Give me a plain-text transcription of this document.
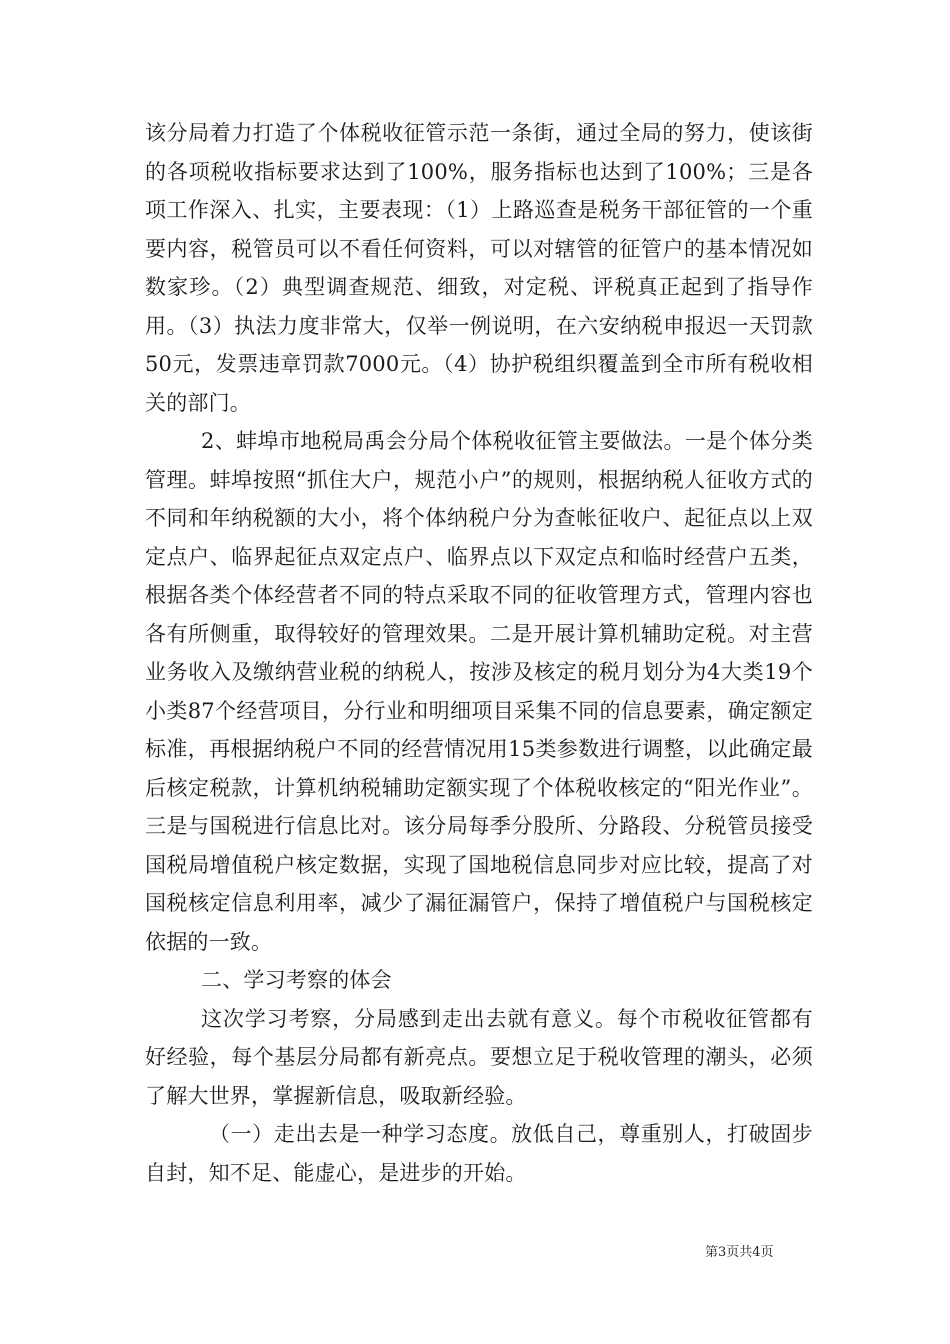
该分局着力打造了个体税收征管示范一条街，通过全局的努力，使该街的各项税收指标要求达到了100%，服务指标也达到了100%；三是各项工作深入、扎实，主要表现：（1）上路巡查是税务干部征管的一个重要内容，税管员可以不看任何资料，可以对辖管的征管户的基本情况如数家珍。（2）典型调查规范、细致，对定税、评税真正起到了指导作用。（3）执法力度非常大，仅举一例说明，在六安纳税申报迟一天罚款50元，发票违章罚款7000元。（4）协护税组织覆盖到全市所有税收相关的部门。

2、蚌埠市地税局禹会分局个体税收征管主要做法。一是个体分类管理。蚌埠按照“抓住大户，规范小户”的规则，根据纳税人征收方式的不同和年纳税额的大小，将个体纳税户分为查帐征收户、起征点以上双定点户、临界起征点双定点户、临界点以下双定点和临时经营户五类，根据各类个体经营者不同的特点采取不同的征收管理方式，管理内容也各有所侧重，取得较好的管理效果。二是开展计算机辅助定税。对主营业务收入及缴纳营业税的纳税人，按涉及核定的税月划分为4大类19个小类87个经营项目，分行业和明细项目采集不同的信息要素，确定额定标准，再根据纳税户不同的经营情况用15类参数进行调整，以此确定最后核定税款，计算机纳税辅助定额实现了个体税收核定的“阳光作业”。三是与国税进行信息比对。该分局每季分股所、分路段、分税管员接受国税局增值税户核定数据，实现了国地税信息同步对应比较，提高了对国税核定信息利用率，减少了漏征漏管户，保持了增值税户与国税核定依据的一致。

二、学习考察的体会

这次学习考察，分局感到走出去就有意义。每个市税收征管都有好经验，每个基层分局都有新亮点。要想立足于税收管理的潮头，必须了解大世界，掌握新信息，吸取新经验。

（一）走出去是一种学习态度。放低自己，尊重别人，打破固步自封，知不足、能虚心，是进步的开始。

第3页共4页
